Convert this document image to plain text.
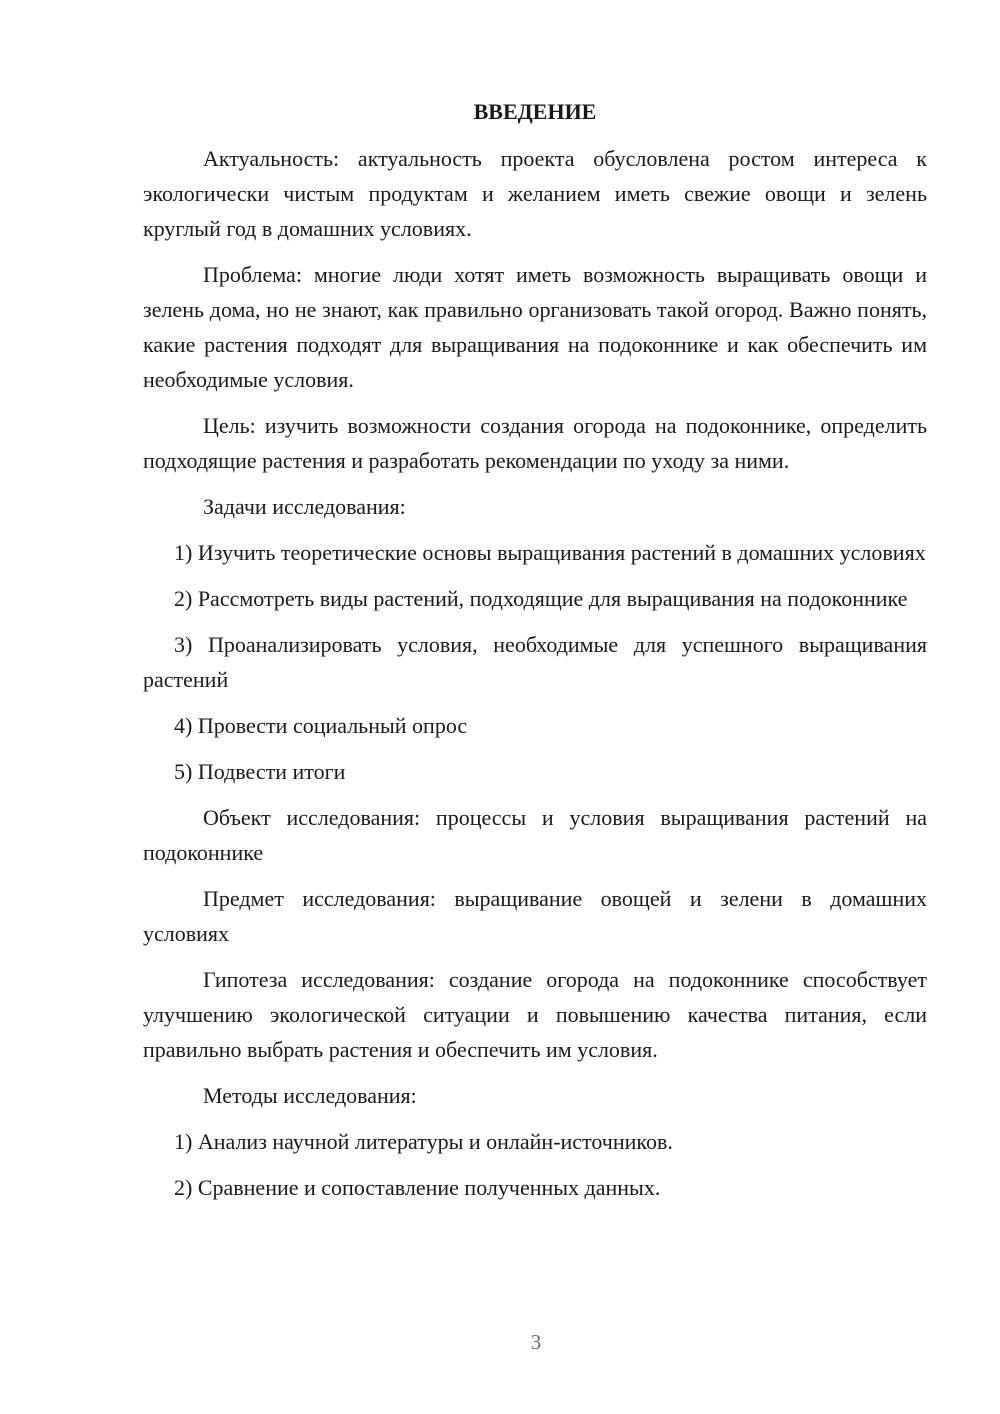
ВВЕДЕНИЕ

Актуальность: актуальность проекта обусловлена ростом интереса к экологически чистым продуктам и желанием иметь свежие овощи и зелень круглый год в домашних условиях.

Проблема: многие люди хотят иметь возможность выращивать овощи и зелень дома, но не знают, как правильно организовать такой огород. Важно понять, какие растения подходят для выращивания на подоконнике и как обеспечить им необходимые условия.

Цель: изучить возможности создания огорода на подоконнике, определить подходящие растения и разработать рекомендации по уходу за ними.

Задачи исследования:

1) Изучить теоретические основы выращивания растений в домашних условиях

2) Рассмотреть виды растений, подходящие для выращивания на подоконнике

3) Проанализировать условия, необходимые для успешного выращивания растений

4) Провести социальный опрос

5) Подвести итоги

Объект исследования: процессы и условия выращивания растений на подоконнике

Предмет исследования: выращивание овощей и зелени в домашних условиях

Гипотеза исследования: создание огорода на подоконнике способствует улучшению экологической ситуации и повышению качества питания, если правильно выбрать растения и обеспечить им условия.

Методы исследования:

1) Анализ научной литературы и онлайн-источников.

2) Сравнение и сопоставление полученных данных.

3
